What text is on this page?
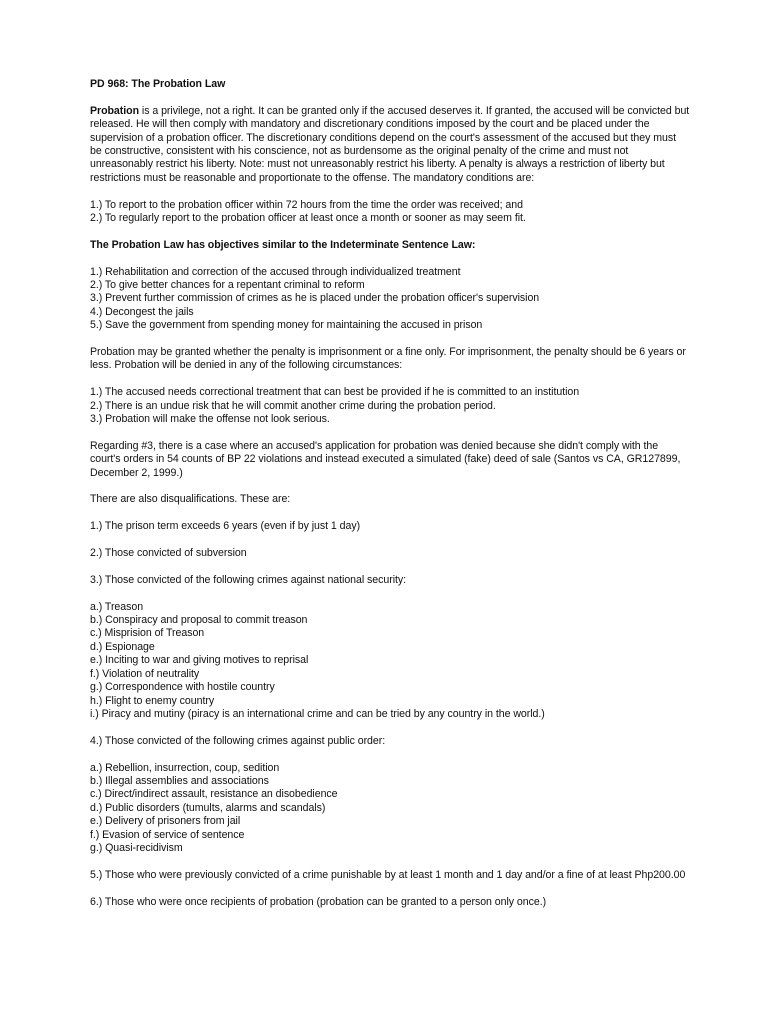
PD 968: The Probation Law

Probation is a privilege, not a right. It can be granted only if the accused deserves it. If granted, the accused will be convicted but released. He will then comply with mandatory and discretionary conditions imposed by the court and be placed under the supervision of a probation officer. The discretionary conditions depend on the court's assessment of the accused but they must be constructive, consistent with his conscience, not as burdensome as the original penalty of the crime and must not unreasonably restrict his liberty. Note: must not unreasonably restrict his liberty. A penalty is always a restriction of liberty but restrictions must be reasonable and proportionate to the offense. The mandatory conditions are:

1.) To report to the probation officer within 72 hours from the time the order was received; and

2.) To regularly report to the probation officer at least once a month or sooner as may seem fit.

The Probation Law has objectives similar to the Indeterminate Sentence Law:

1.) Rehabilitation and correction of the accused through individualized treatment

2.) To give better chances for a repentant criminal to reform

3.) Prevent further commission of crimes as he is placed under the probation officer's supervision

4.) Decongest the jails

5.) Save the government from spending money for maintaining the accused in prison

Probation may be granted whether the penalty is imprisonment or a fine only. For imprisonment, the penalty should be 6 years or less. Probation will be denied in any of the following circumstances:

1.) The accused needs correctional treatment that can best be provided if he is committed to an institution

2.) There is an undue risk that he will commit another crime during the probation period.

3.) Probation will make the offense not look serious.

Regarding #3, there is a case where an accused's application for probation was denied because she didn't comply with the court's orders in 54 counts of BP 22 violations and instead executed a simulated (fake) deed of sale (Santos vs CA, GR127899, December 2, 1999.)

There are also disqualifications. These are:

1.) The prison term exceeds 6 years (even if by just 1 day)

2.) Those convicted of subversion

3.) Those convicted of the following crimes against national security:

a.) Treason

b.) Conspiracy and proposal to commit treason

c.) Misprision of Treason

d.) Espionage

e.) Inciting to war and giving motives to reprisal

f.) Violation of neutrality

g.) Correspondence with hostile country

h.) Flight to enemy country

i.) Piracy and mutiny (piracy is an international crime and can be tried by any country in the world.)

4.) Those convicted of the following crimes against public order:

a.) Rebellion, insurrection, coup, sedition

b.) Illegal assemblies and associations

c.) Direct/indirect assault, resistance an disobedience

d.) Public disorders (tumults, alarms and scandals)

e.) Delivery of prisoners from jail

f.) Evasion of service of sentence

g.) Quasi-recidivism

5.) Those who were previously convicted of a crime punishable by at least 1 month and 1 day and/or a fine of at least Php200.00

6.) Those who were once recipients of probation (probation can be granted to a person only once.)
